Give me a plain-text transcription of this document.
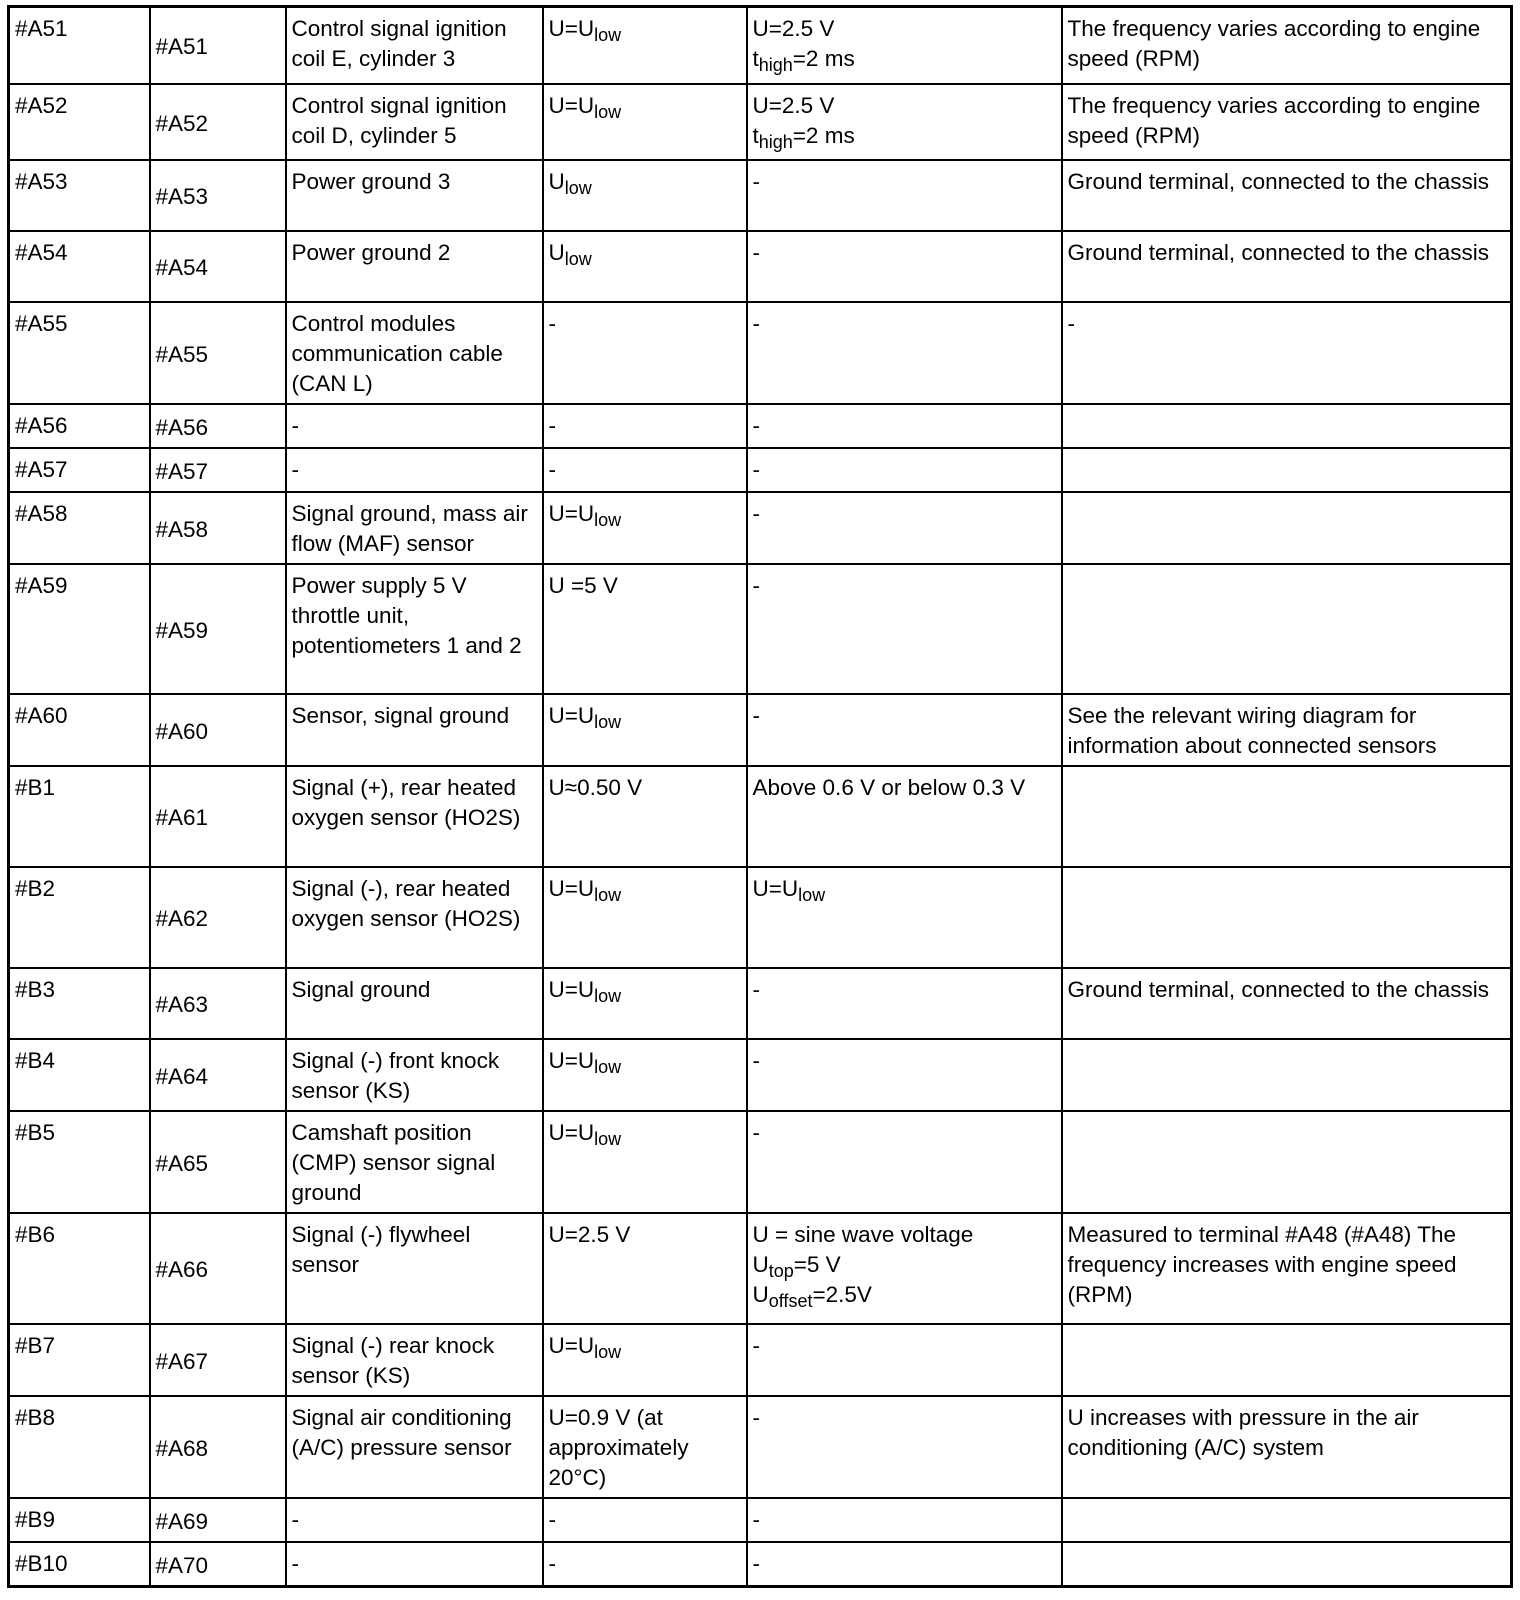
#A51	#A51	Control signal ignition coil E, cylinder 3	$U=U_{low}$	U=2.5 V
$t_{high}=2$ ms	The frequency varies according to engine speed (RPM)
#A52	#A52	Control signal ignition coil D, cylinder 5	$U=U_{low}$	U=2.5 V
$t_{high}=2$ ms	The frequency varies according to engine speed (RPM)
#A53	#A53	Power ground 3	$U_{low}$	-	Ground terminal, connected to the chassis
#A54	#A54	Power ground 2	$U_{low}$	-	Ground terminal, connected to the chassis
#A55	#A55	Control modules communication cable (CAN L)	-	-	-
#A56	#A56	-	-	-	

#A57	#A57	-	-	-	

#A58	#A58	Signal ground, mass air flow (MAF) sensor	$U=U_{low}$	-	

#A59	#A59	Power supply 5 V throttle unit, potentiometers 1 and 2	U =5 V	-	

#A60	#A60	Sensor, signal ground	$U=U_{low}$	-	See the relevant wiring diagram for information about connected sensors
#B1	#A61	Signal (+), rear heated oxygen sensor (HO2S)	U≈0.50 V	Above 0.6 V or below 0.3 V	

#B2	#A62	Signal (-), rear heated oxygen sensor (HO2S)	$U=U_{low}$	$U=U_{low}$

#B3	#A63	Signal ground	$U=U_{low}$	-	Ground terminal, connected to the chassis
#B4	#A64	Signal (-) front knock sensor (KS)	$U=U_{low}$	-	

#B5	#A65	Camshaft position (CMP) sensor signal ground	$U=U_{low}$	-	

#B6	#A66	Signal (-) flywheel sensor	U=2.5 V	U = sine wave voltage
$U_{top}=5$ V
$U_{offset}=2.5V$	Measured to terminal #A48 (#A48) The frequency increases with engine speed (RPM)
#B7	#A67	Signal (-) rear knock sensor (KS)	$U=U_{low}$	-	

#B8	#A68	Signal air conditioning (A/C) pressure sensor	U=0.9 V (at approximately 20°C)	-	U increases with pressure in the air conditioning (A/C) system
#B9	#A69	-	-	-	

#B10	#A70	-	-	-	
